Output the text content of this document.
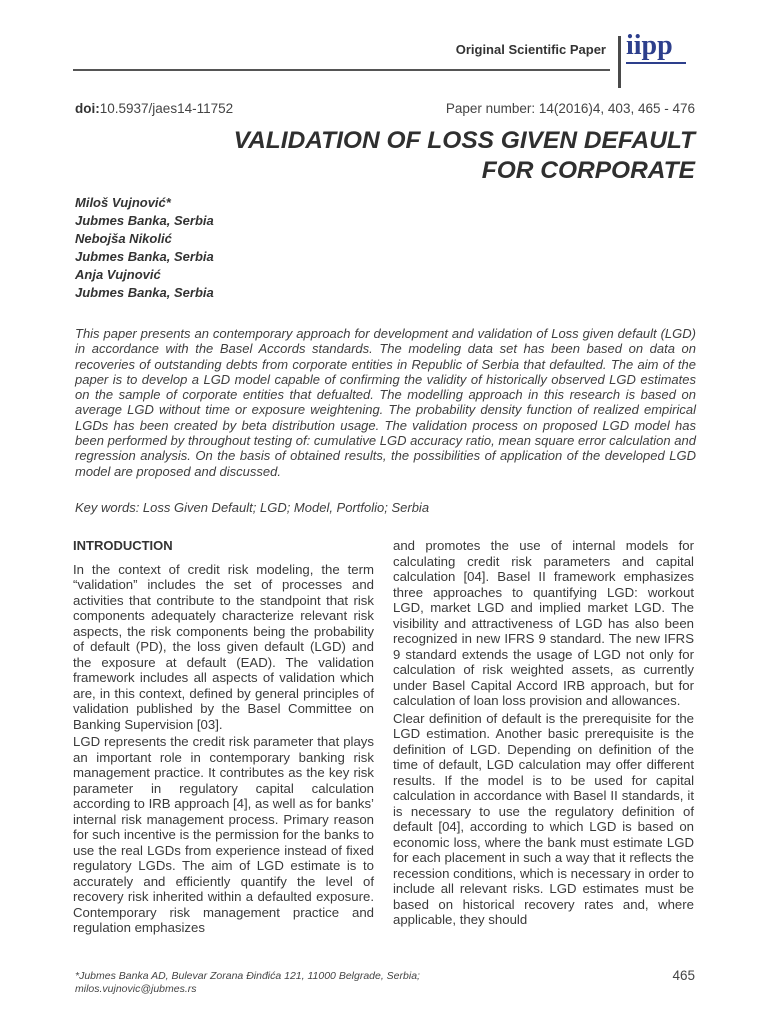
Original Scientific Paper iipp
doi:10.5937/jaes14-11752	Paper number: 14(2016)4, 403, 465 - 476
VALIDATION OF LOSS GIVEN DEFAULT
FOR CORPORATE
Miloš Vujnović*
Jubmes Banka, Serbia
Nebojša Nikolić
Jubmes Banka, Serbia
Anja Vujnović
Jubmes Banka, Serbia

This paper presents an contemporary approach for development and validation of Loss given default (LGD) in accordance with the Basel Accords standards. The modeling data set has been based on data on recoveries of outstanding debts from corporate entities in Republic of Serbia that defaulted. The aim of the paper is to develop a LGD model capable of confirming the validity of historically observed LGD estimates on the sample of corporate entities that defualted. The modelling approach in this research is based on average LGD without time or exposure weightening. The probability density function of realized empirical LGDs has been created by beta distribution usage. The validation process on proposed LGD model has been performed by throughout testing of: cumulative LGD accuracy ratio, mean square error calculation and regression analysis. On the basis of obtained results, the possibilities of application of the developed LGD model are proposed and discussed.

Key words: Loss Given Default; LGD; Model, Portfolio; Serbia
INTRODUCTION

In the context of credit risk modeling, the term “validation” includes the set of processes and activities that contribute to the standpoint that risk components adequately characterize relevant risk aspects, the risk components being the probability of default (PD), the loss given default (LGD) and the exposure at default (EAD). The validation framework includes all aspects of validation which are, in this context, defined by general principles of validation published by the Basel Committee on Banking Supervision [03].

LGD represents the credit risk parameter that plays an important role in contemporary banking risk management practice. It contributes as the key risk parameter in regulatory capital calculation according to IRB approach [4], as well as for banks’ internal risk management process. Primary reason for such incentive is the permission for the banks to use the real LGDs from experience instead of fixed regulatory LGDs. The aim of LGD estimate is to accurately and efficiently quantify the level of recovery risk inherited within a defaulted exposure. Contemporary risk management practice and regulation emphasizes

and promotes the use of internal models for calculating credit risk parameters and capital calculation [04]. Basel II framework emphasizes three approaches to quantifying LGD: workout LGD, market LGD and implied market LGD. The visibility and attractiveness of LGD has also been recognized in new IFRS 9 standard. The new IFRS 9 standard extends the usage of LGD not only for calculation of risk weighted assets, as currently under Basel Capital Accord IRB approach, but for calculation of loan loss provision and allowances.

Clear definition of default is the prerequisite for the LGD estimation. Another basic prerequisite is the definition of LGD. Depending on definition of the time of default, LGD calculation may offer different results. If the model is to be used for capital calculation in accordance with Basel II standards, it is necessary to use the regulatory definition of default [04], according to which LGD is based on economic loss, where the bank must estimate LGD for each placement in such a way that it reflects the recession conditions, which is necessary in order to include all relevant risks. LGD estimates must be based on historical recovery rates and, where applicable, they should

*Jubmes Banka AD, Bulevar Zorana Đinđića 121, 11000 Belgrade, Serbia;
milos.vujnovic@jubmes.rs
465
